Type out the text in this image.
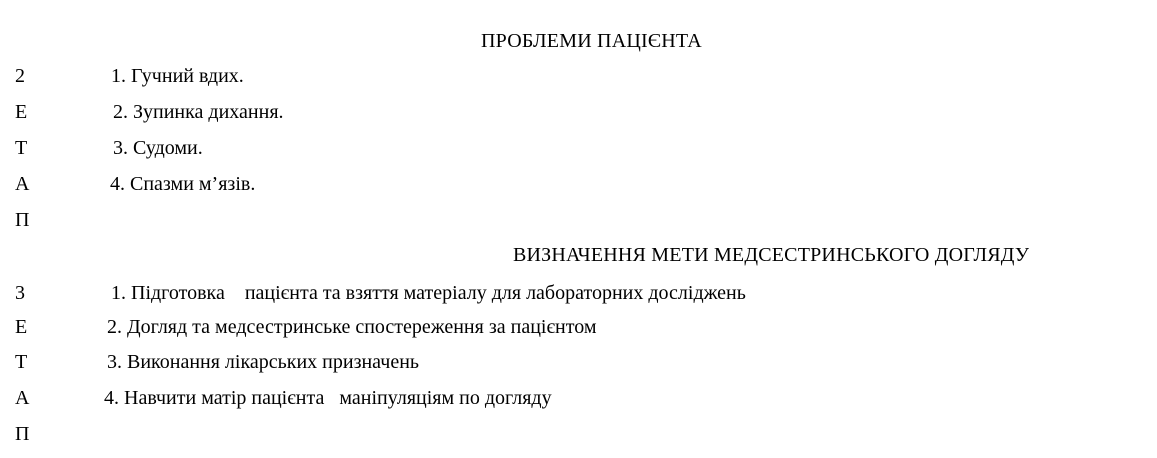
ПРОБЛЕМИ ПАЦІЄНТА
2
Е
Т
А
П
1. Гучний вдих.
2. Зупинка дихання.
3. Судоми.
4. Спазми м’язів.
ВИЗНАЧЕННЯ МЕТИ МЕДСЕСТРИНСЬКОГО ДОГЛЯДУ
3
Е
Т
А
П
1. Підготовка    пацієнта та взяття матеріалу для лабораторних досліджень
2. Догляд та медсестринське спостереження за пацієнтом
3. Виконання лікарських призначень
4. Навчити матір пацієнта   маніпуляціям по догляду
